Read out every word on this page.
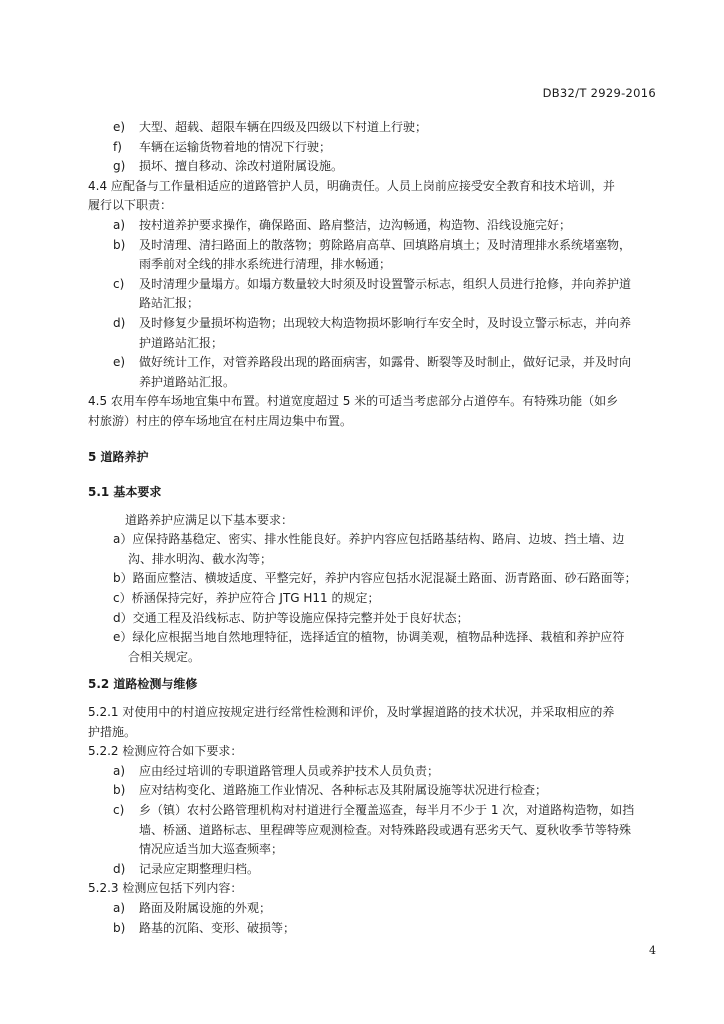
DB32/T 2929-2016
e) 大型、超载、超限车辆在四级及四级以下村道上行驶；
f) 车辆在运输货物着地的情况下行驶；
g) 损坏、擅自移动、涂改村道附属设施。
4.4 应配备与工作量相适应的道路管护人员，明确责任。人员上岗前应接受安全教育和技术培训，并
履行以下职责：
a) 按村道养护要求操作，确保路面、路肩整洁，边沟畅通，构造物、沿线设施完好；
b) 及时清理、清扫路面上的散落物；剪除路肩高草、回填路肩填土；及时清理排水系统堵塞物，
雨季前对全线的排水系统进行清理，排水畅通；
c) 及时清理少量塌方。如塌方数量较大时须及时设置警示标志，组织人员进行抢修，并向养护道
路站汇报；
d) 及时修复少量损坏构造物；出现较大构造物损坏影响行车安全时，及时设立警示标志，并向养
护道路站汇报；
e) 做好统计工作，对管养路段出现的路面病害，如露骨、断裂等及时制止，做好记录，并及时向
养护道路站汇报。
4.5 农用车停车场地宜集中布置。村道宽度超过 5 米的可适当考虑部分占道停车。有特殊功能（如乡
村旅游）村庄的停车场地宜在村庄周边集中布置。
5 道路养护
5.1 基本要求
道路养护应满足以下基本要求：
a）应保持路基稳定、密实、排水性能良好。养护内容应包括路基结构、路肩、边坡、挡土墙、边
沟、排水明沟、截水沟等；
b）路面应整洁、横坡适度、平整完好，养护内容应包括水泥混凝土路面、沥青路面、砂石路面等；
c）桥涵保持完好，养护应符合 JTG H11 的规定；
d）交通工程及沿线标志、防护等设施应保持完整并处于良好状态；
e）绿化应根据当地自然地理特征，选择适宜的植物，协调美观，植物品种选择、栽植和养护应符
合相关规定。
5.2 道路检测与维修
5.2.1 对使用中的村道应按规定进行经常性检测和评价，及时掌握道路的技术状况，并采取相应的养
护措施。
5.2.2 检测应符合如下要求：
a) 应由经过培训的专职道路管理人员或养护技术人员负责；
b) 应对结构变化、道路施工作业情况、各种标志及其附属设施等状况进行检查；
c) 乡（镇）农村公路管理机构对村道进行全覆盖巡查，每半月不少于 1 次，对道路构造物，如挡
墙、桥涵、道路标志、里程碑等应观测检查。对特殊路段或遇有恶劣天气、夏秋收季节等特殊
情况应适当加大巡查频率；
d) 记录应定期整理归档。
5.2.3 检测应包括下列内容：
a) 路面及附属设施的外观；
b) 路基的沉陷、变形、破损等；
4
